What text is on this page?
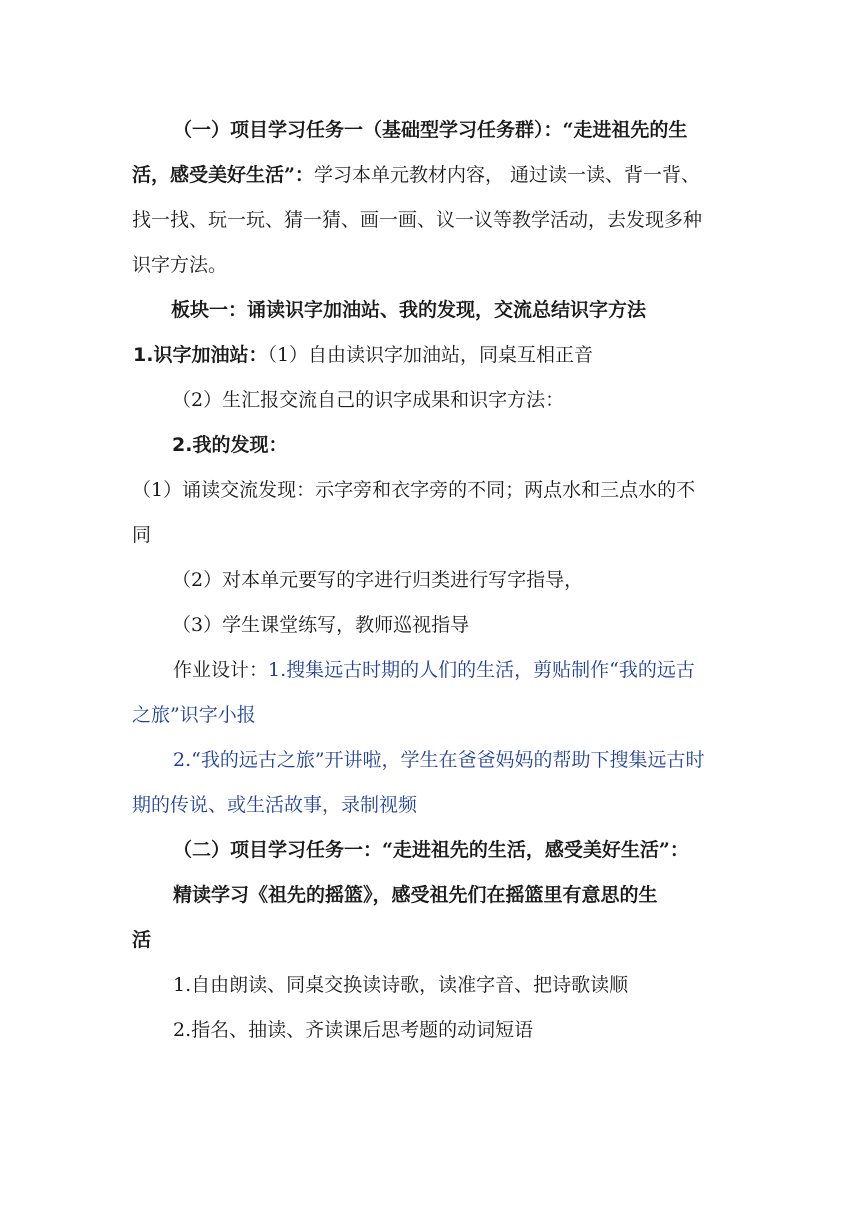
（一）项目学习任务一（基础型学习任务群）：“走进祖先的生

活，感受美好生活”：学习本单元教材内容， 通过读一读、背一背、

找一找、玩一玩、猜一猜、画一画、议一议等教学活动，去发现多种

识字方法。

板块一：诵读识字加油站、我的发现，交流总结识字方法

1.识字加油站：（1）自由读识字加油站，同桌互相正音

（2）生汇报交流自己的识字成果和识字方法：

2.我的发现：

（1）诵读交流发现：示字旁和衣字旁的不同；两点水和三点水的不

同

（2）对本单元要写的字进行归类进行写字指导，

（3）学生课堂练写，教师巡视指导

作业设计：1.搜集远古时期的人们的生活，剪贴制作“我的远古

之旅”识字小报

2.“我的远古之旅”开讲啦，学生在爸爸妈妈的帮助下搜集远古时

期的传说、或生活故事，录制视频

（二）项目学习任务一：“走进祖先的生活，感受美好生活”：

精读学习《祖先的摇篮》，感受祖先们在摇篮里有意思的生

活

1.自由朗读、同桌交换读诗歌，读准字音、把诗歌读顺

2.指名、抽读、齐读课后思考题的动词短语
